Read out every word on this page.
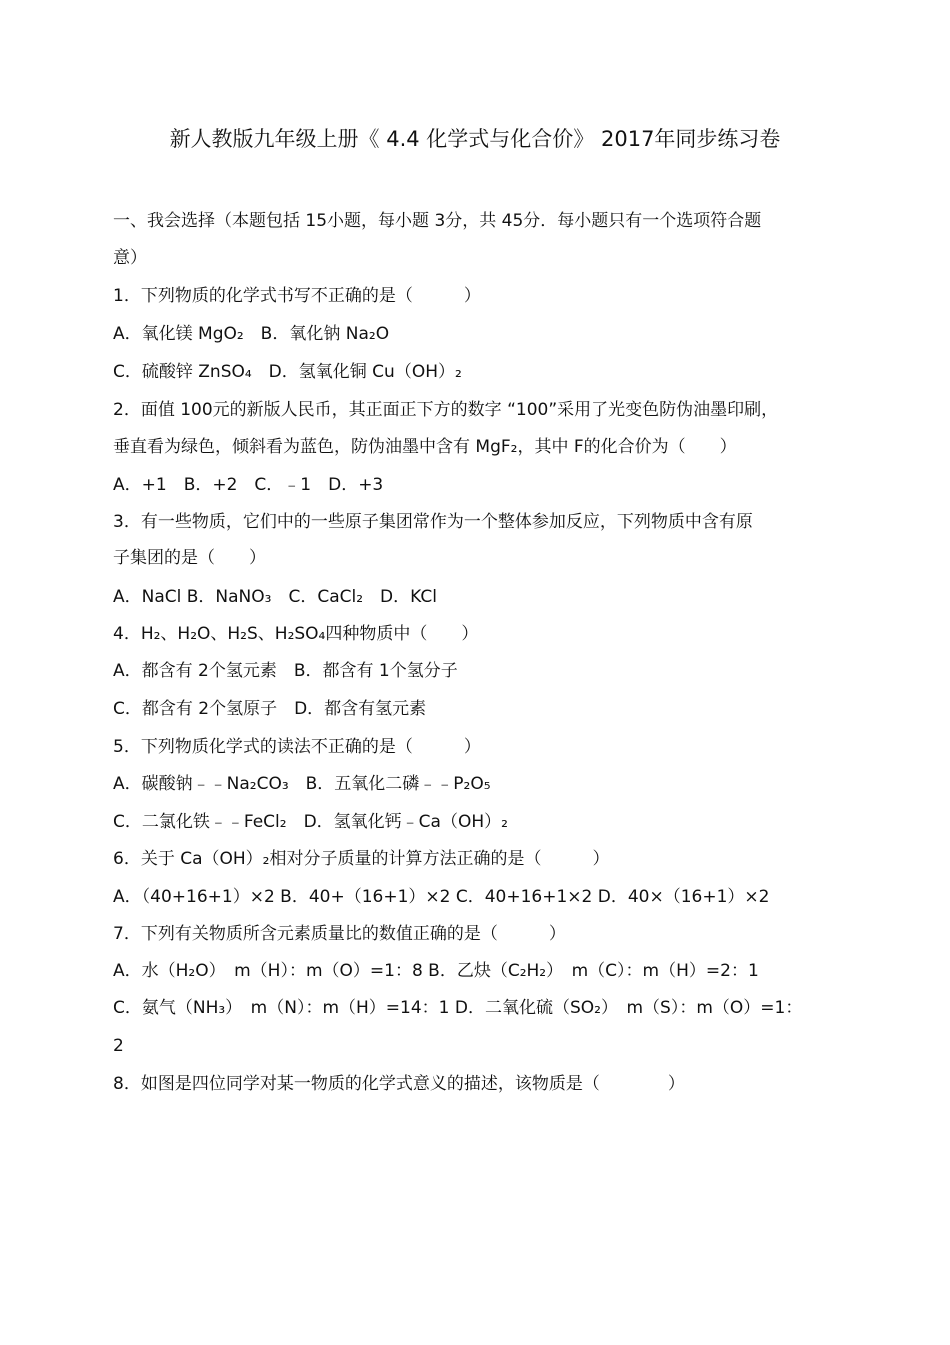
新人教版九年级上册《 4.4 化学式与化合价》 2017年同步练习卷
一、我会选择（本题包括 15小题，每小题 3分，共 45分．每小题只有一个选项符合题
意）
1．下列物质的化学式书写不正确的是（　　　）
A．氧化镁 MgO₂　B．氧化钠 Na₂O
C．硫酸锌 ZnSO₄　D．氢氧化铜 Cu（OH）₂
2．面值 100元的新版人民币，其正面正下方的数字 “100”采用了光变色防伪油墨印刷，
垂直看为绿色，倾斜看为蓝色，防伪油墨中含有 MgF₂，其中 F的化合价为（　　）
A．+1　B．+2　C．﹣1　D．+3
3．有一些物质，它们中的一些原子集团常作为一个整体参加反应，下列物质中含有原
子集团的是（　　）
A．NaCl B．NaNO₃　C．CaCl₂　D．KCl
4．H₂、H₂O、H₂S、H₂SO₄四种物质中（　　）
A．都含有 2个氢元素　B．都含有 1个氢分子
C．都含有 2个氢原子　D．都含有氢元素
5．下列物质化学式的读法不正确的是（　　　）
A．碳酸钠﹣﹣Na₂CO₃　B．五氧化二磷﹣﹣P₂O₅
C．二氯化铁﹣﹣FeCl₂　D．氢氧化钙﹣Ca（OH）₂
6．关于 Ca（OH）₂相对分子质量的计算方法正确的是（　　　）
A．（40+16+1）×2 B．40+（16+1）×2 C．40+16+1×2 D．40×（16+1）×2
7．下列有关物质所含元素质量比的数值正确的是（　　　）
A．水（H₂O）　m（H）：m（O）=1：8 B．乙炔（C₂H₂）　m（C）：m（H）=2：1
C．氨气（NH₃）　m（N）：m（H）=14：1 D．二氧化硫（SO₂）　m（S）：m（O）=1：
2
8．如图是四位同学对某一物质的化学式意义的描述，该物质是（　　　　）
